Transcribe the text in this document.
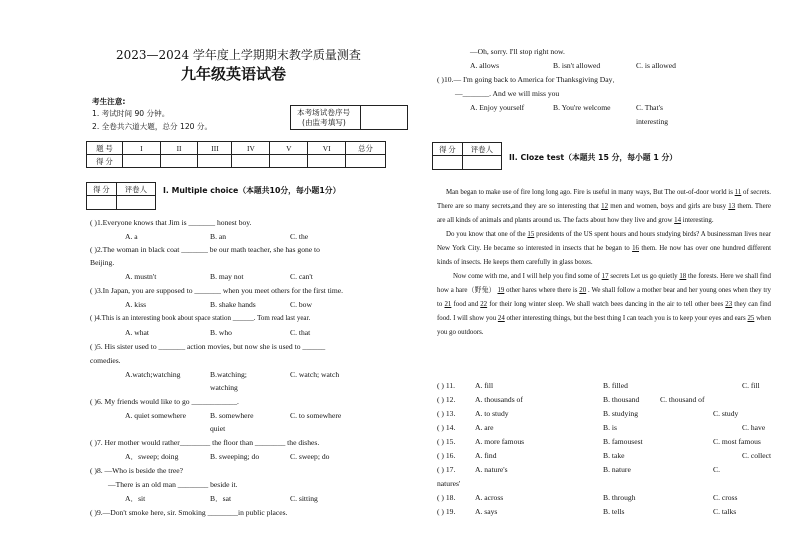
2023—2024 学年度上学期期末教学质量测查
九年级英语试卷
考生注意:
1. 考试时间 90 分钟。
2. 全卷共六道大题，总分 120 分。
本考场试卷序号
(由监考填写)
题 号	I	II	III	IV	V	VI	总分
得 分							
得 分	评卷人
	I. Multiple choice（本题共10分，每小题1分）
( )1.Everyone knows that Jim is _______ honest boy.
A. a	B. an	C. the
( )2.The woman in black coat _______ be our math teacher, she has gone to
Beijing.
A. mustn't	B. may not	C. can't
( )3.In Japan, you are supposed to _______ when you meet others for the first time.
A. kiss	B. shake hands	C. bow
( )4.This is an interesting book about space station ______. Tom read last year.
A. what	B. who	C. that
( )5. His sister used to _______ action movies, but now she is used to ______
comedies.
A.watch;watching	B.watching;	C. watch; watch
watching
( )6. My friends would like to go ____________.
A. quiet somewhere	B. somewhere	C. to somewhere
quiet
( )7. Her mother would rather________ the floor than ________ the dishes.
A．sweep; doing	B. sweeping; do	C. sweep; do
( )8. —Who is beside the tree?
—There is an old man ________ beside it.
A．sit	B．sat	C. sitting
( )9.—Don't smoke here, sir. Smoking ________in public places.
—Oh, sorry. I'll stop right now.
A. allows	B. isn't allowed	C. is allowed
( )10.— I'm going back to America for Thanksgiving Day．
—_______. And we will miss you
A. Enjoy yourself	B. You're welcome	C. That's
interesting
得 分	评卷人

II. Cloze test（本题共 15 分，每小题 1 分）

Man began to make use of fire long long ago. Fire is useful in many ways, But The out-of-door world is 11 of secrets. There are so many secrets,and they are so interesting that 12 men and women, boys and girls are busy 13 them. There are all kinds of animals and plants around us. The facts about how they live and grow 14 interesting.

Do you know that one of the 15 presidents of the US spent hours and hours studying birds? A businessman lives near New York City. He became so interested in insects that he began to 16 them. He now has over one hundred different kinds of insects. He keeps them carefully in glass boxes.

Now come with me, and I will help you find some of 17 secrets Let us go quietly 18 the forests. Here we shall find how a hare（野兔） 19 other hares where there is 20 . We shall follow a mother bear and her young ones when they try to 21 food and 22 for their long winter sleep. We shall watch bees dancing in the air to tell other bees 23 they can find food. I will show you 24 other interesting things, but the best thing I can teach you is to keep your eyes and ears 25 when you go outdoors.

( ) 11.	A. fill	B. filled	C. fill
( ) 12.	A. thousands of	B. thousand	C. thousand of
( ) 13.	A. to study	B. studying	C. study
( ) 14.	A. are	B. is	C. have
( ) 15.	A. more famous	B. famousest	C. most famous
( ) 16.	A. find	B. take	C. collect
( ) 17.	A. nature's	B. nature	C.
natures'
( ) 18.	A. across	B. through	C. cross
( ) 19.	A. says	B. tells	C. talks
